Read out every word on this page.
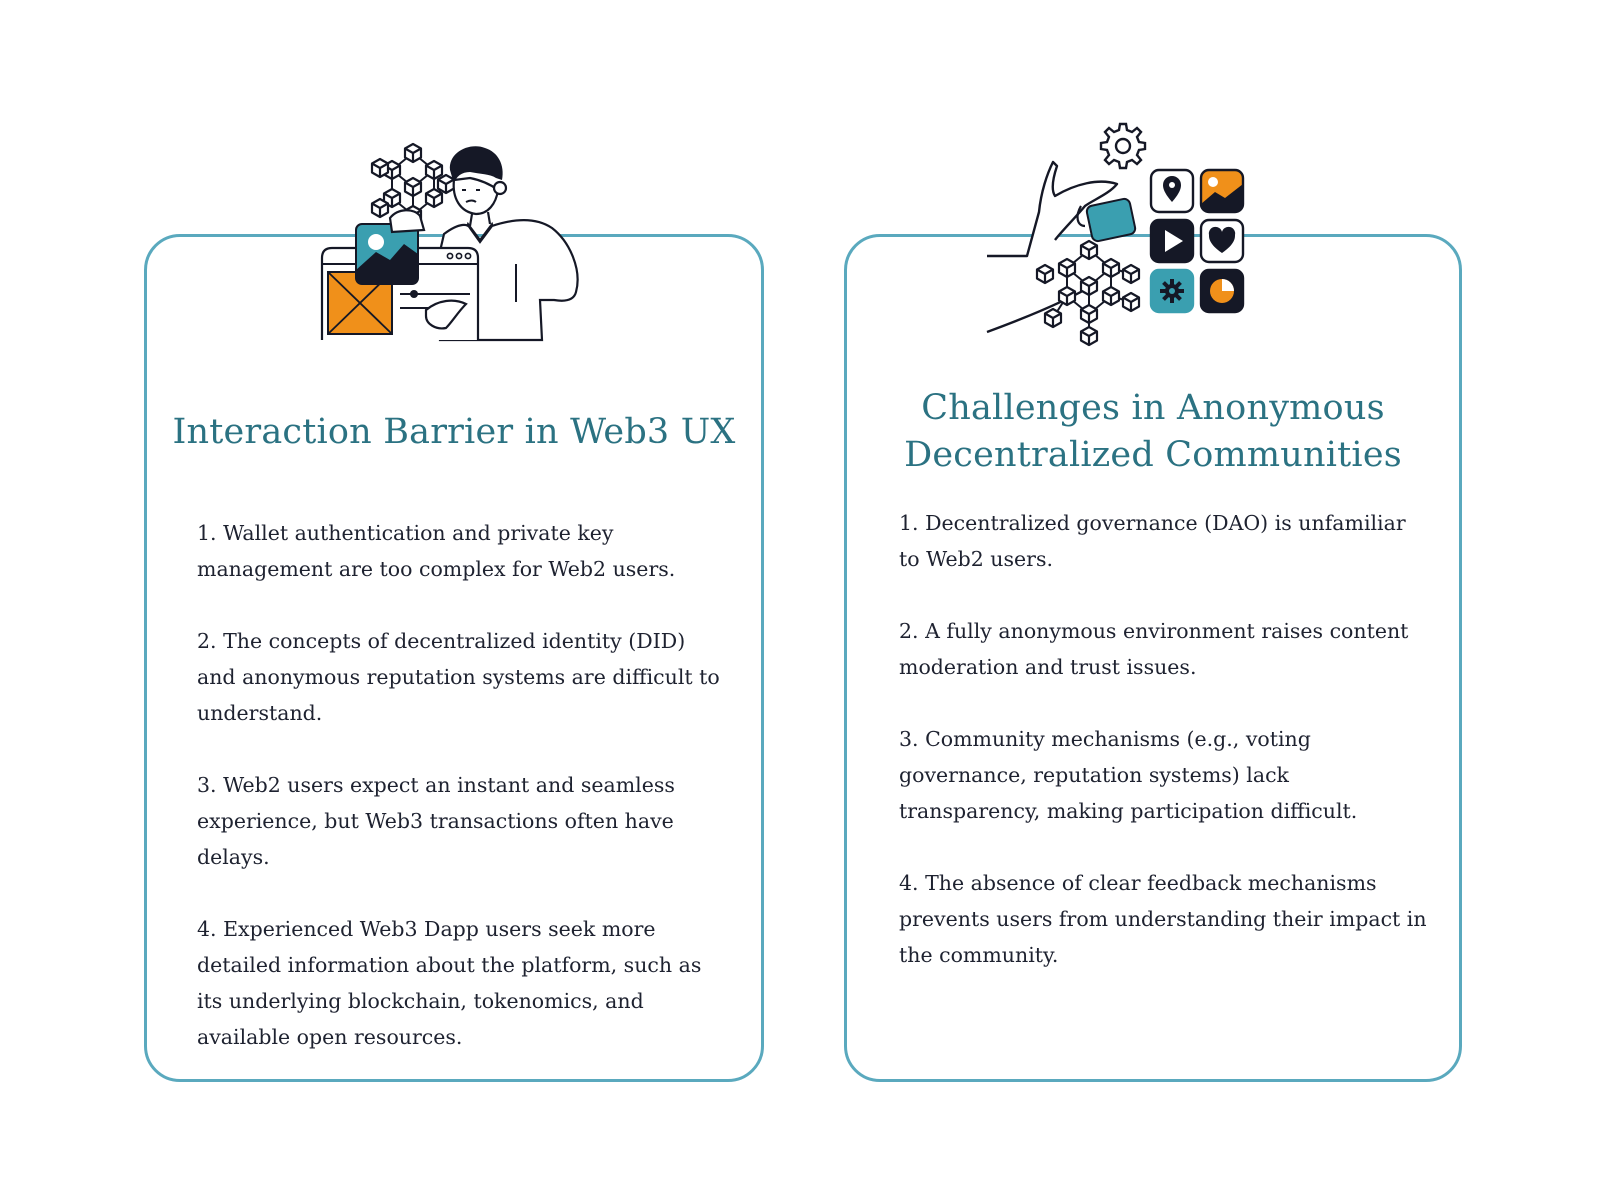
Interaction Barrier in Web3 UX
1. Wallet authentication and private key management are too complex for Web2 users.
2. The concepts of decentralized identity (DID) and anonymous reputation systems are difficult to understand.
3. Web2 users expect an instant and seamless experience, but Web3 transactions often have delays.
4. Experienced Web3 Dapp users seek more detailed information about the platform, such as its underlying blockchain, tokenomics, and available open resources.
Challenges in Anonymous Decentralized Communities
1. Decentralized governance (DAO) is unfamiliar to Web2 users.
2. A fully anonymous environment raises content moderation and trust issues.
3. Community mechanisms (e.g., voting governance, reputation systems) lack transparency, making participation difficult.
4. The absence of clear feedback mechanisms prevents users from understanding their impact in the community.
